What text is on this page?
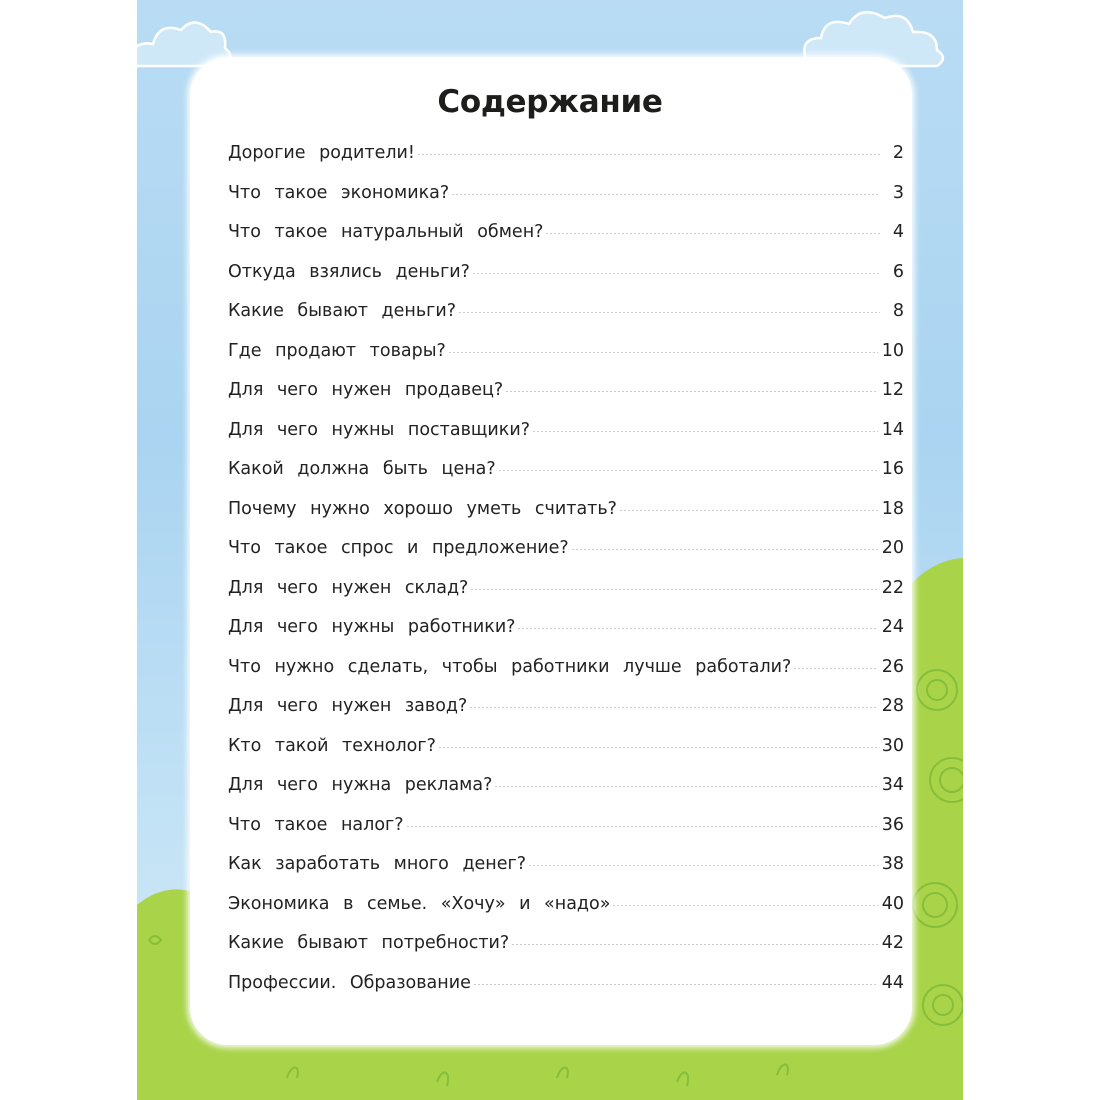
Содержание
Дорогие родители!	2
Что такое экономика?	3
Что такое натуральный обмен?	4
Откуда взялись деньги?	6
Какие бывают деньги?	8
Где продают товары?	10
Для чего нужен продавец?	12
Для чего нужны поставщики?	14
Какой должна быть цена?	16
Почему нужно хорошо уметь считать?	18
Что такое спрос и предложение?	20
Для чего нужен склад?	22
Для чего нужны работники?	24
Что нужно сделать, чтобы работники лучше работали?	26
Для чего нужен завод?	28
Кто такой технолог?	30
Для чего нужна реклама?	34
Что такое налог?	36
Как заработать много денег?	38
Экономика в семье. «Хочу» и «надо»	40
Какие бывают потребности?	42
Профессии. Образование	44
